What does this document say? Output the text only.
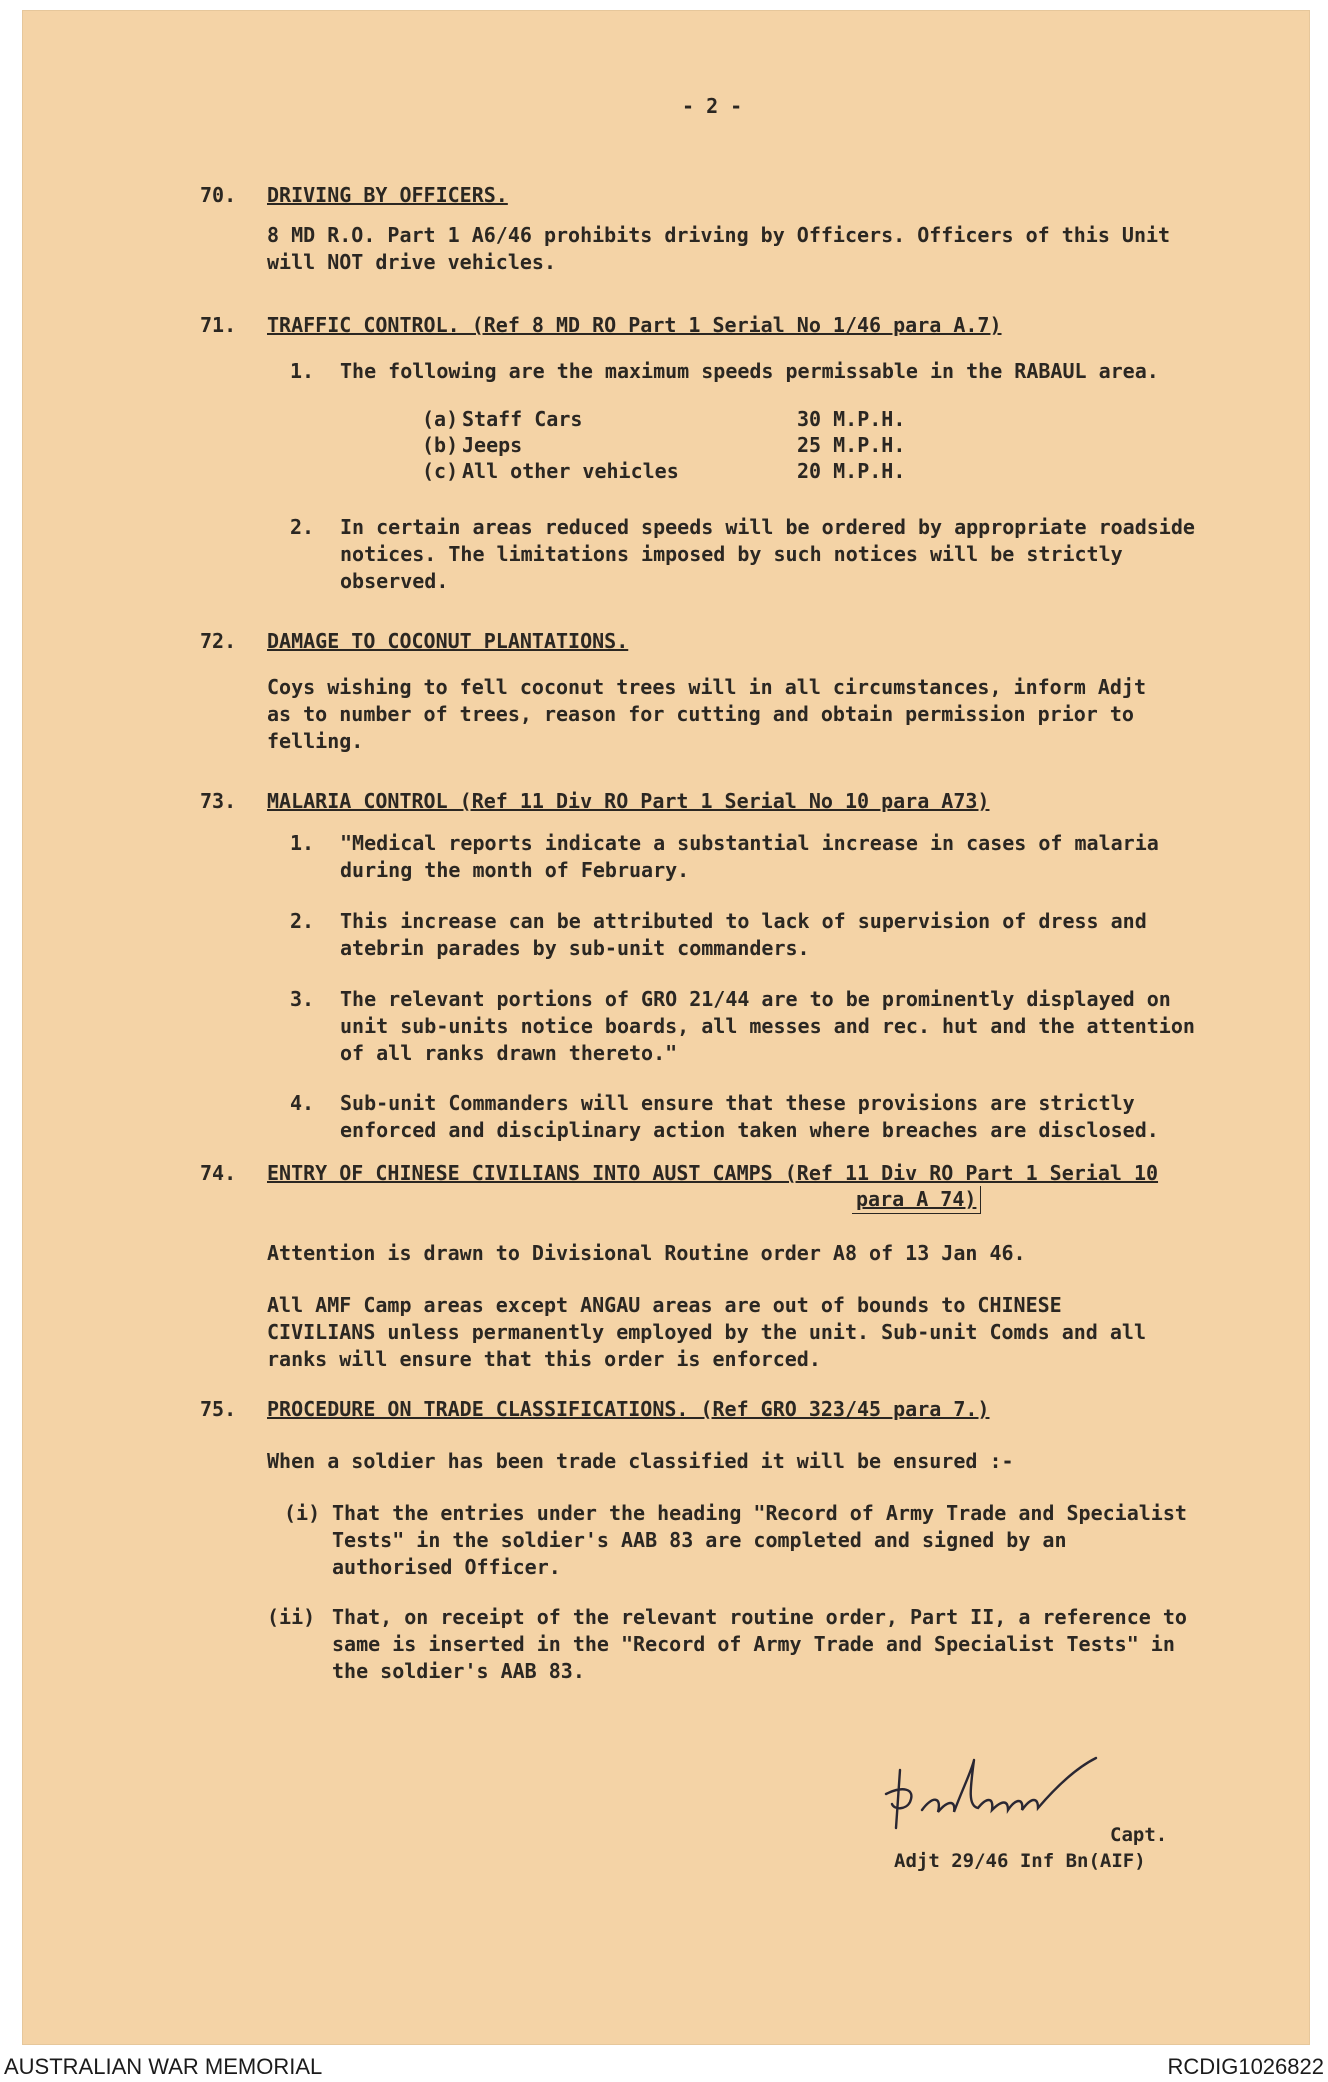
- 2 -
70.	DRIVING BY OFFICERS.
8 MD R.O. Part 1 A6/46 prohibits driving by Officers. Officers of this Unit will NOT drive vehicles.
71.	TRAFFIC CONTROL. (Ref 8 MD RO Part 1 Serial No 1/46 para A.7)
1. The following are the maximum speeds permissable in the RABAUL area.
(a) Staff Cars	30 M.P.H.
(b) Jeeps	25 M.P.H.
(c) All other vehicles	20 M.P.H.
2. In certain areas reduced speeds will be ordered by appropriate roadside notices. The limitations imposed by such notices will be strictly observed.
72.	DAMAGE TO COCONUT PLANTATIONS.
Coys wishing to fell coconut trees will in all circumstances, inform Adjt as to number of trees, reason for cutting and obtain permission prior to felling.
73.	MALARIA CONTROL (Ref 11 Div RO Part 1 Serial No 10 para A73)
1. "Medical reports indicate a substantial increase in cases of malaria during the month of February.
2. This increase can be attributed to lack of supervision of dress and atebrin parades by sub-unit commanders.
3. The relevant portions of GRO 21/44 are to be prominently displayed on unit sub-units notice boards, all messes and rec. hut and the attention of all ranks drawn thereto."
4. Sub-unit Commanders will ensure that these provisions are strictly enforced and disciplinary action taken where breaches are disclosed.
74.	ENTRY OF CHINESE CIVILIANS INTO AUST CAMPS (Ref 11 Div RO Part 1 Serial 10
para A 74)
Attention is drawn to Divisional Routine order A8 of 13 Jan 46.
All AMF Camp areas except ANGAU areas are out of bounds to CHINESE CIVILIANS unless permanently employed by the unit. Sub-unit Comds and all ranks will ensure that this order is enforced.
75.	PROCEDURE ON TRADE CLASSIFICATIONS. (Ref GRO 323/45 para 7.)
When a soldier has been trade classified it will be ensured :-
(i) That the entries under the heading "Record of Army Trade and Specialist Tests" in the soldier's AAB 83 are completed and signed by an authorised Officer.
(ii) That, on receipt of the relevant routine order, Part II, a reference to same is inserted in the "Record of Army Trade and Specialist Tests" in the soldier's AAB 83.
Capt.
Adjt 29/46 Inf Bn(AIF)
AUSTRALIAN WAR MEMORIAL	RCDIG1026822
